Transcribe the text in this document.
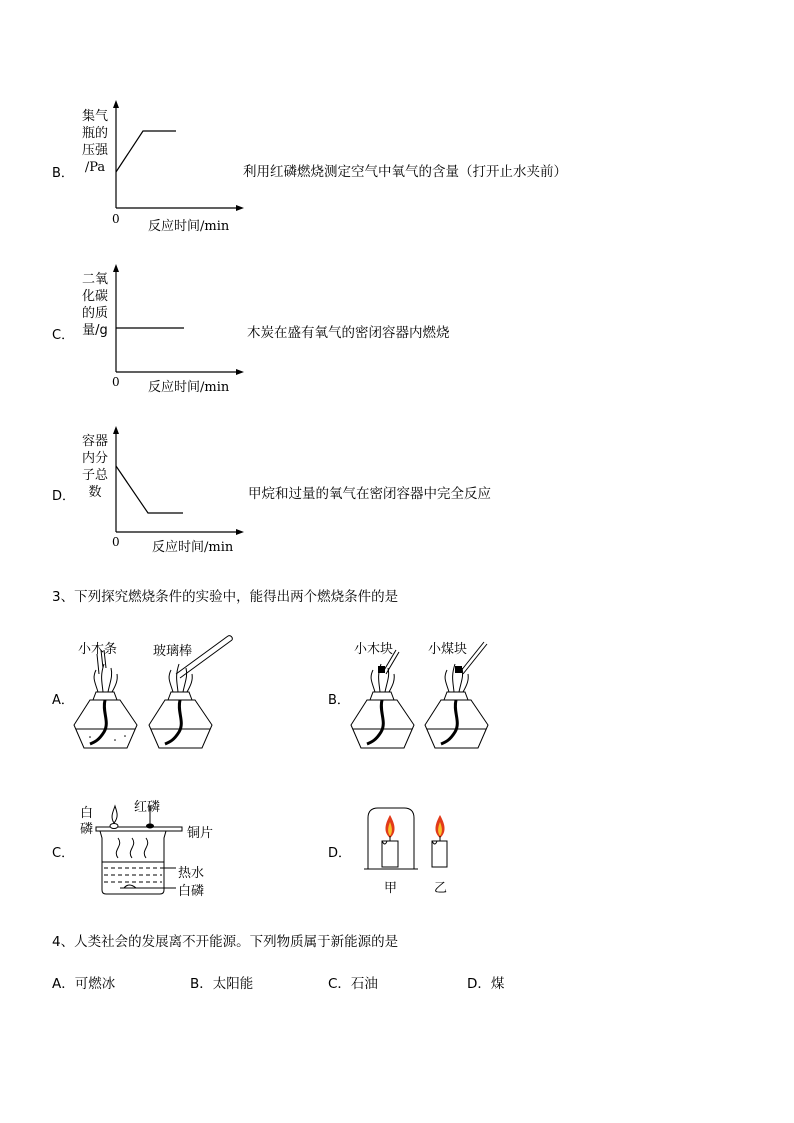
B．
集气
瓶的
压强
/Pa
0 反应时间/min
利用红磷燃烧测定空气中氧气的含量（打开止水夹前）
C．
二氧
化碳
的质
量/g
0 反应时间/min
木炭在盛有氧气的密闭容器内燃烧
D．
容器
内分
子总
数
0 反应时间/min
甲烷和过量的氧气在密闭容器中完全反应
3、下列探究燃烧条件的实验中，能得出两个燃烧条件的是
A．
小木条	玻璃棒
B．
小木块	小煤块
C．
白
磷
红磷
铜片
热水
白磷
D．
甲	乙
4、人类社会的发展离不开能源。下列物质属于新能源的是
A．可燃冰	B．太阳能	C．石油	D．煤
